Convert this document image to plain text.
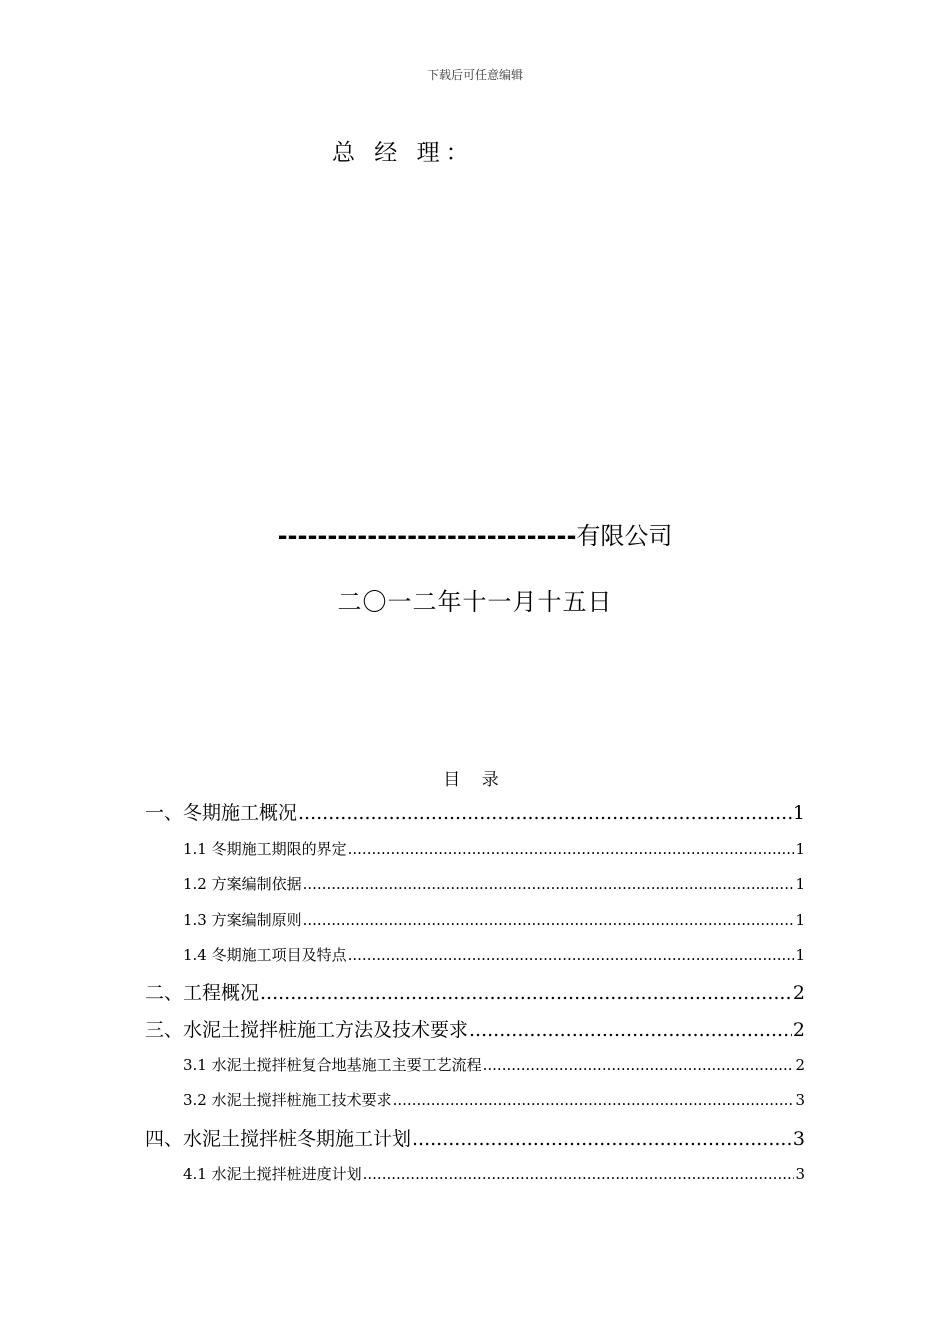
下载后可任意编辑
总 经 理：
------------------------------有限公司
二〇一二年十一月十五日
目 录
一、冬期施工概况 .....	1
1.1 冬期施工期限的界定 .....	1
1.2 方案编制依据 .....	1
1.3 方案编制原则 .....	1
1.4 冬期施工项目及特点 .....	1
二、工程概况 .....	2
三、水泥土搅拌桩施工方法及技术要求 .....	2
3.1 水泥土搅拌桩复合地基施工主要工艺流程 .....	2
3.2 水泥土搅拌桩施工技术要求 .....	3
四、水泥土搅拌桩冬期施工计划 .....	3
4.1 水泥土搅拌桩进度计划 .....	3
